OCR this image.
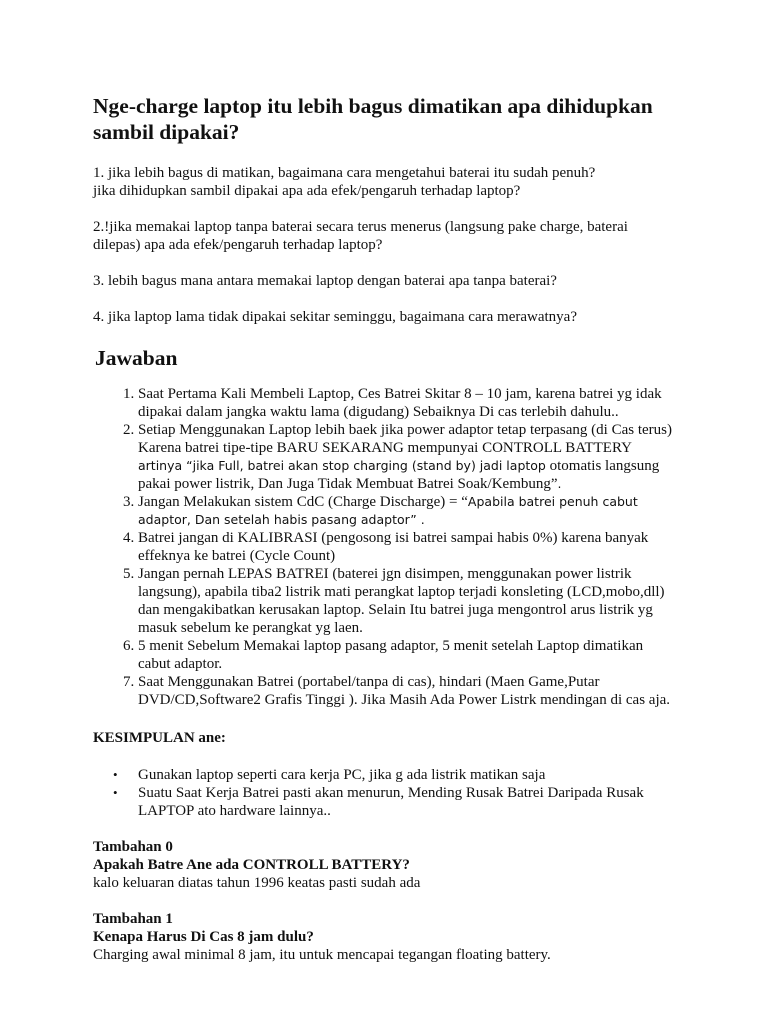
Nge-charge laptop itu lebih bagus dimatikan apa dihidupkan sambil dipakai?
1. jika lebih bagus di matikan, bagaimana cara mengetahui baterai itu sudah penuh?
jika dihidupkan sambil dipakai apa ada efek/pengaruh terhadap laptop?
2.!jika memakai laptop tanpa baterai secara terus menerus (langsung pake charge, baterai dilepas) apa ada efek/pengaruh terhadap laptop?
3. lebih bagus mana antara memakai laptop dengan baterai apa tanpa baterai?
4. jika laptop lama tidak dipakai sekitar seminggu, bagaimana cara merawatnya?
Jawaban
1. Saat Pertama Kali Membeli Laptop, Ces Batrei Skitar 8 – 10 jam, karena batrei yg idak dipakai dalam jangka waktu lama (digudang) Sebaiknya Di cas terlebih dahulu..
2. Setiap Menggunakan Laptop lebih baek jika power adaptor tetap terpasang (di Cas terus) Karena batrei tipe-tipe BARU SEKARANG mempunyai CONTROLL BATTERY artinya “jika Full, batrei akan stop charging (stand by) jadi laptop otomatis langsung pakai power listrik, Dan Juga Tidak Membuat Batrei Soak/Kembung”.
3. Jangan Melakukan sistem CdC (Charge Discharge) = “Apabila batrei penuh cabut adaptor, Dan setelah habis pasang adaptor” .
4. Batrei jangan di KALIBRASI (pengosong isi batrei sampai habis 0%) karena banyak effeknya ke batrei (Cycle Count)
5. Jangan pernah LEPAS BATREI (baterei jgn disimpen, menggunakan power listrik langsung), apabila tiba2 listrik mati perangkat laptop terjadi konsleting (LCD,mobo,dll) dan mengakibatkan kerusakan laptop. Selain Itu batrei juga mengontrol arus listrik yg masuk sebelum ke perangkat yg laen.
6. 5 menit Sebelum Memakai laptop pasang adaptor, 5 menit setelah Laptop dimatikan cabut adaptor.
7. Saat Menggunakan Batrei (portabel/tanpa di cas), hindari (Maen Game,Putar DVD/CD,Software2 Grafis Tinggi ). Jika Masih Ada Power Listrk mendingan di cas aja.
KESIMPULAN ane:
• Gunakan laptop seperti cara kerja PC, jika g ada listrik matikan saja
• Suatu Saat Kerja Batrei pasti akan menurun, Mending Rusak Batrei Daripada Rusak LAPTOP ato hardware lainnya..
Tambahan 0
Apakah Batre Ane ada CONTROLL BATTERY?
kalo keluaran diatas tahun 1996 keatas pasti sudah ada
Tambahan 1
Kenapa Harus Di Cas 8 jam dulu?
Charging awal minimal 8 jam, itu untuk mencapai tegangan floating battery.
